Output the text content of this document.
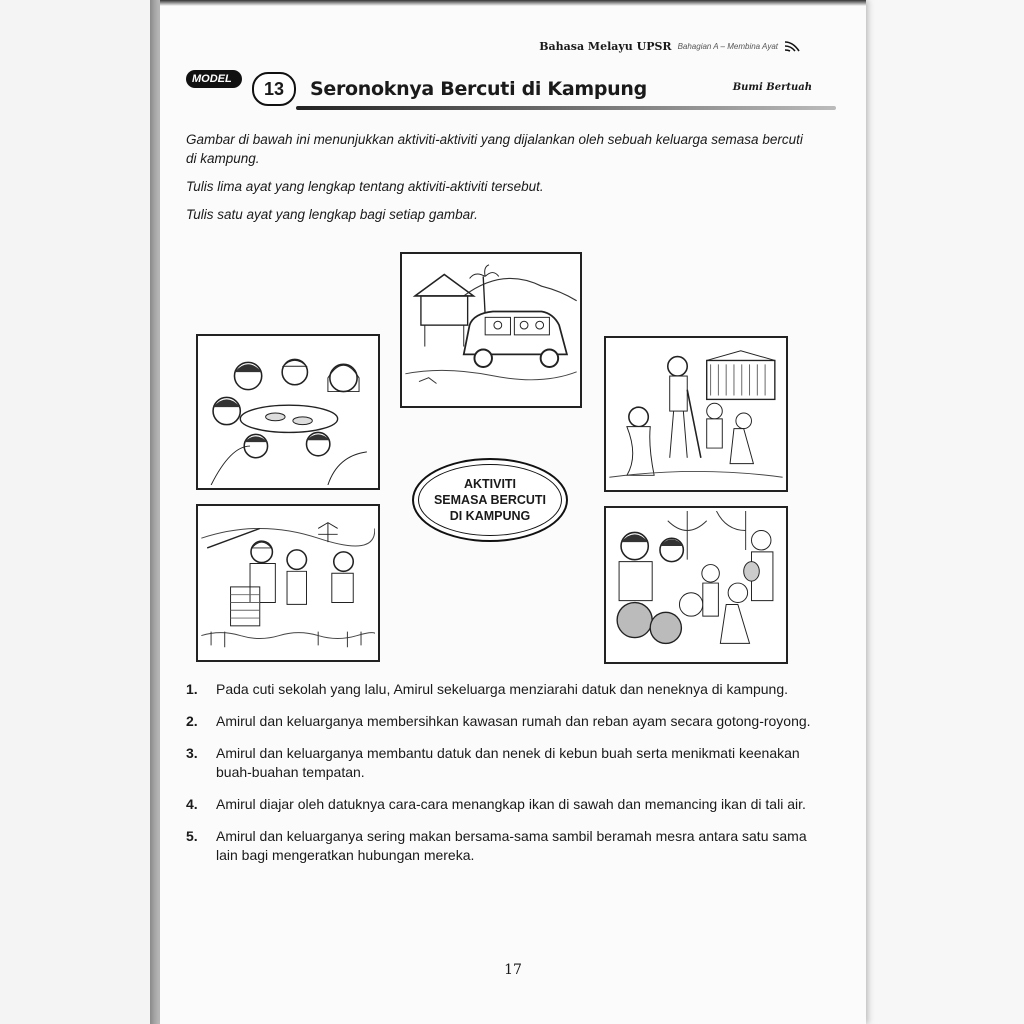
Bahasa Melayu UPSR Bahagian A – Membina Ayat
MODEL	13	Seronoknya Bercuti di Kampung	Bumi Bertuah

Gambar di bawah ini menunjukkan aktiviti-aktiviti yang dijalankan oleh sebuah keluarga semasa bercuti di kampung.

Tulis lima ayat yang lengkap tentang aktiviti-aktiviti tersebut.

Tulis satu ayat yang lengkap bagi setiap gambar.

AKTIVITI
SEMASA BERCUTI
DI KAMPUNG
1.	Pada cuti sekolah yang lalu, Amirul sekeluarga menziarahi datuk dan neneknya di kampung.
2.	Amirul dan keluarganya membersihkan kawasan rumah dan reban ayam secara gotong-royong.
3.	Amirul dan keluarganya membantu datuk dan nenek di kebun buah serta menikmati keenakan buah-buahan tempatan.
4.	Amirul diajar oleh datuknya cara-cara menangkap ikan di sawah dan memancing ikan di tali air.
5.	Amirul dan keluarganya sering makan bersama-sama sambil beramah mesra antara satu sama lain bagi mengeratkan hubungan mereka.
17
